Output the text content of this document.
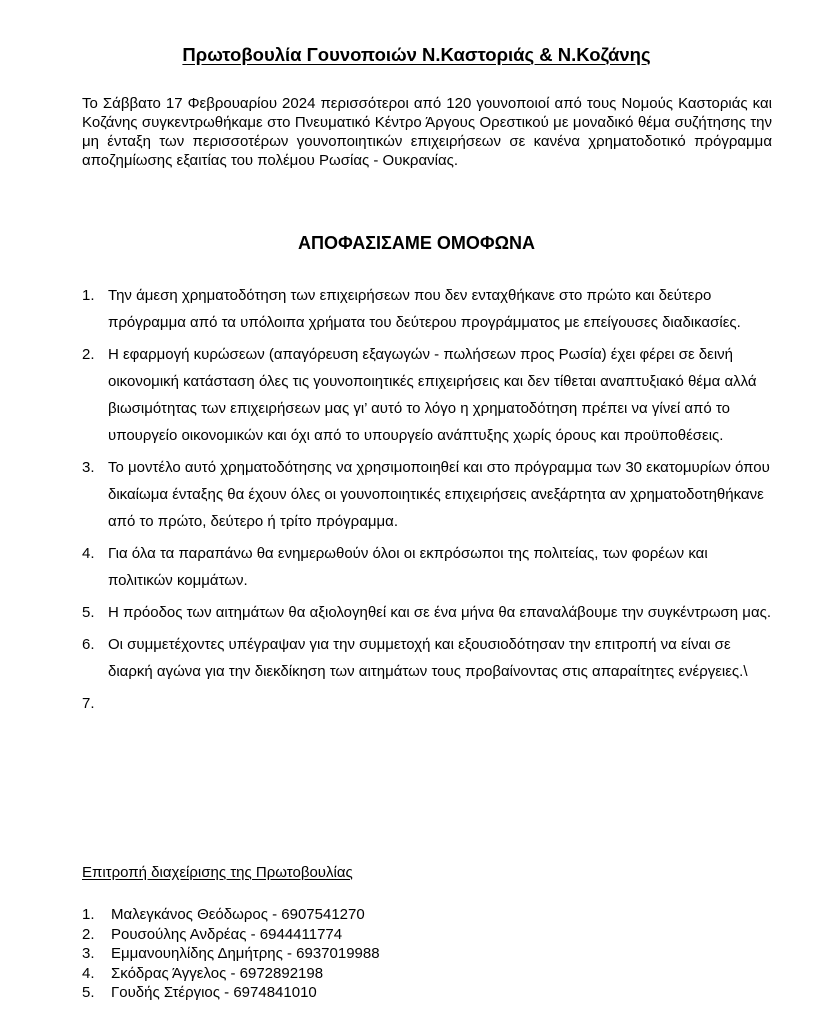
Πρωτοβουλία Γουνοποιών Ν.Καστοριάς & Ν.Κοζάνης
Το Σάββατο 17 Φεβρουαρίου 2024 περισσότεροι από 120 γουνοποιοί από τους Νομούς Καστοριάς και Κοζάνης συγκεντρωθήκαμε στο Πνευματικό Κέντρο Άργους Ορεστικού με μοναδικό θέμα συζήτησης την μη ένταξη των περισσοτέρων γουνοποιητικών επιχειρήσεων σε κανένα χρηματοδοτικό πρόγραμμα αποζημίωσης εξαιτίας του πολέμου Ρωσίας - Ουκρανίας.
ΑΠΟΦΑΣΙΣΑΜΕ ΟΜΟΦΩΝΑ
1. Την άμεση χρηματοδότηση των επιχειρήσεων που δεν ενταχθήκανε στο πρώτο και δεύτερο πρόγραμμα από τα υπόλοιπα χρήματα του δεύτερου προγράμματος με επείγουσες διαδικασίες.
2. Η εφαρμογή κυρώσεων (απαγόρευση εξαγωγών - πωλήσεων προς Ρωσία) έχει φέρει σε δεινή οικονομική κατάσταση όλες τις γουνοποιητικές επιχειρήσεις και δεν τίθεται αναπτυξιακό θέμα αλλά βιωσιμότητας των επιχειρήσεων μας γι’ αυτό το λόγο η χρηματοδότηση πρέπει να γίνεί από το υπουργείο οικονομικών και όχι από το υπουργείο ανάπτυξης χωρίς όρους και προϋποθέσεις.
3. Το μοντέλο αυτό χρηματοδότησης να χρησιμοποιηθεί και στο πρόγραμμα των 30 εκατομυρίων όπου δικαίωμα ένταξης θα έχουν όλες οι γουνοποιητικές επιχειρήσεις ανεξάρτητα αν χρηματοδοτηθήκανε από το πρώτο, δεύτερο ή τρίτο πρόγραμμα.
4. Για όλα τα παραπάνω θα ενημερωθούν όλοι οι εκπρόσωποι της πολιτείας, των φορέων και πολιτικών κομμάτων.
5. Η πρόοδος των αιτημάτων θα αξιολογηθεί και σε ένα μήνα θα επαναλάβουμε την συγκέντρωση μας.
6. Οι συμμετέχοντες υπέγραψαν για την συμμετοχή και εξουσιοδότησαν την επιτροπή να είναι σε διαρκή αγώνα για την διεκδίκηση των αιτημάτων τους προβαίνοντας στις απαραίτητες ενέργειες.\
7.

Επιτροπή διαχείρισης της Πρωτοβουλίας
1. Μαλεγκάνος Θεόδωρος - 6907541270
2. Ρουσούλης Ανδρέας - 6944411774
3. Εμμανουηλίδης Δημήτρης - 6937019988
4. Σκόδρας Άγγελος - 6972892198
5. Γουδής Στέργιος - 6974841010
